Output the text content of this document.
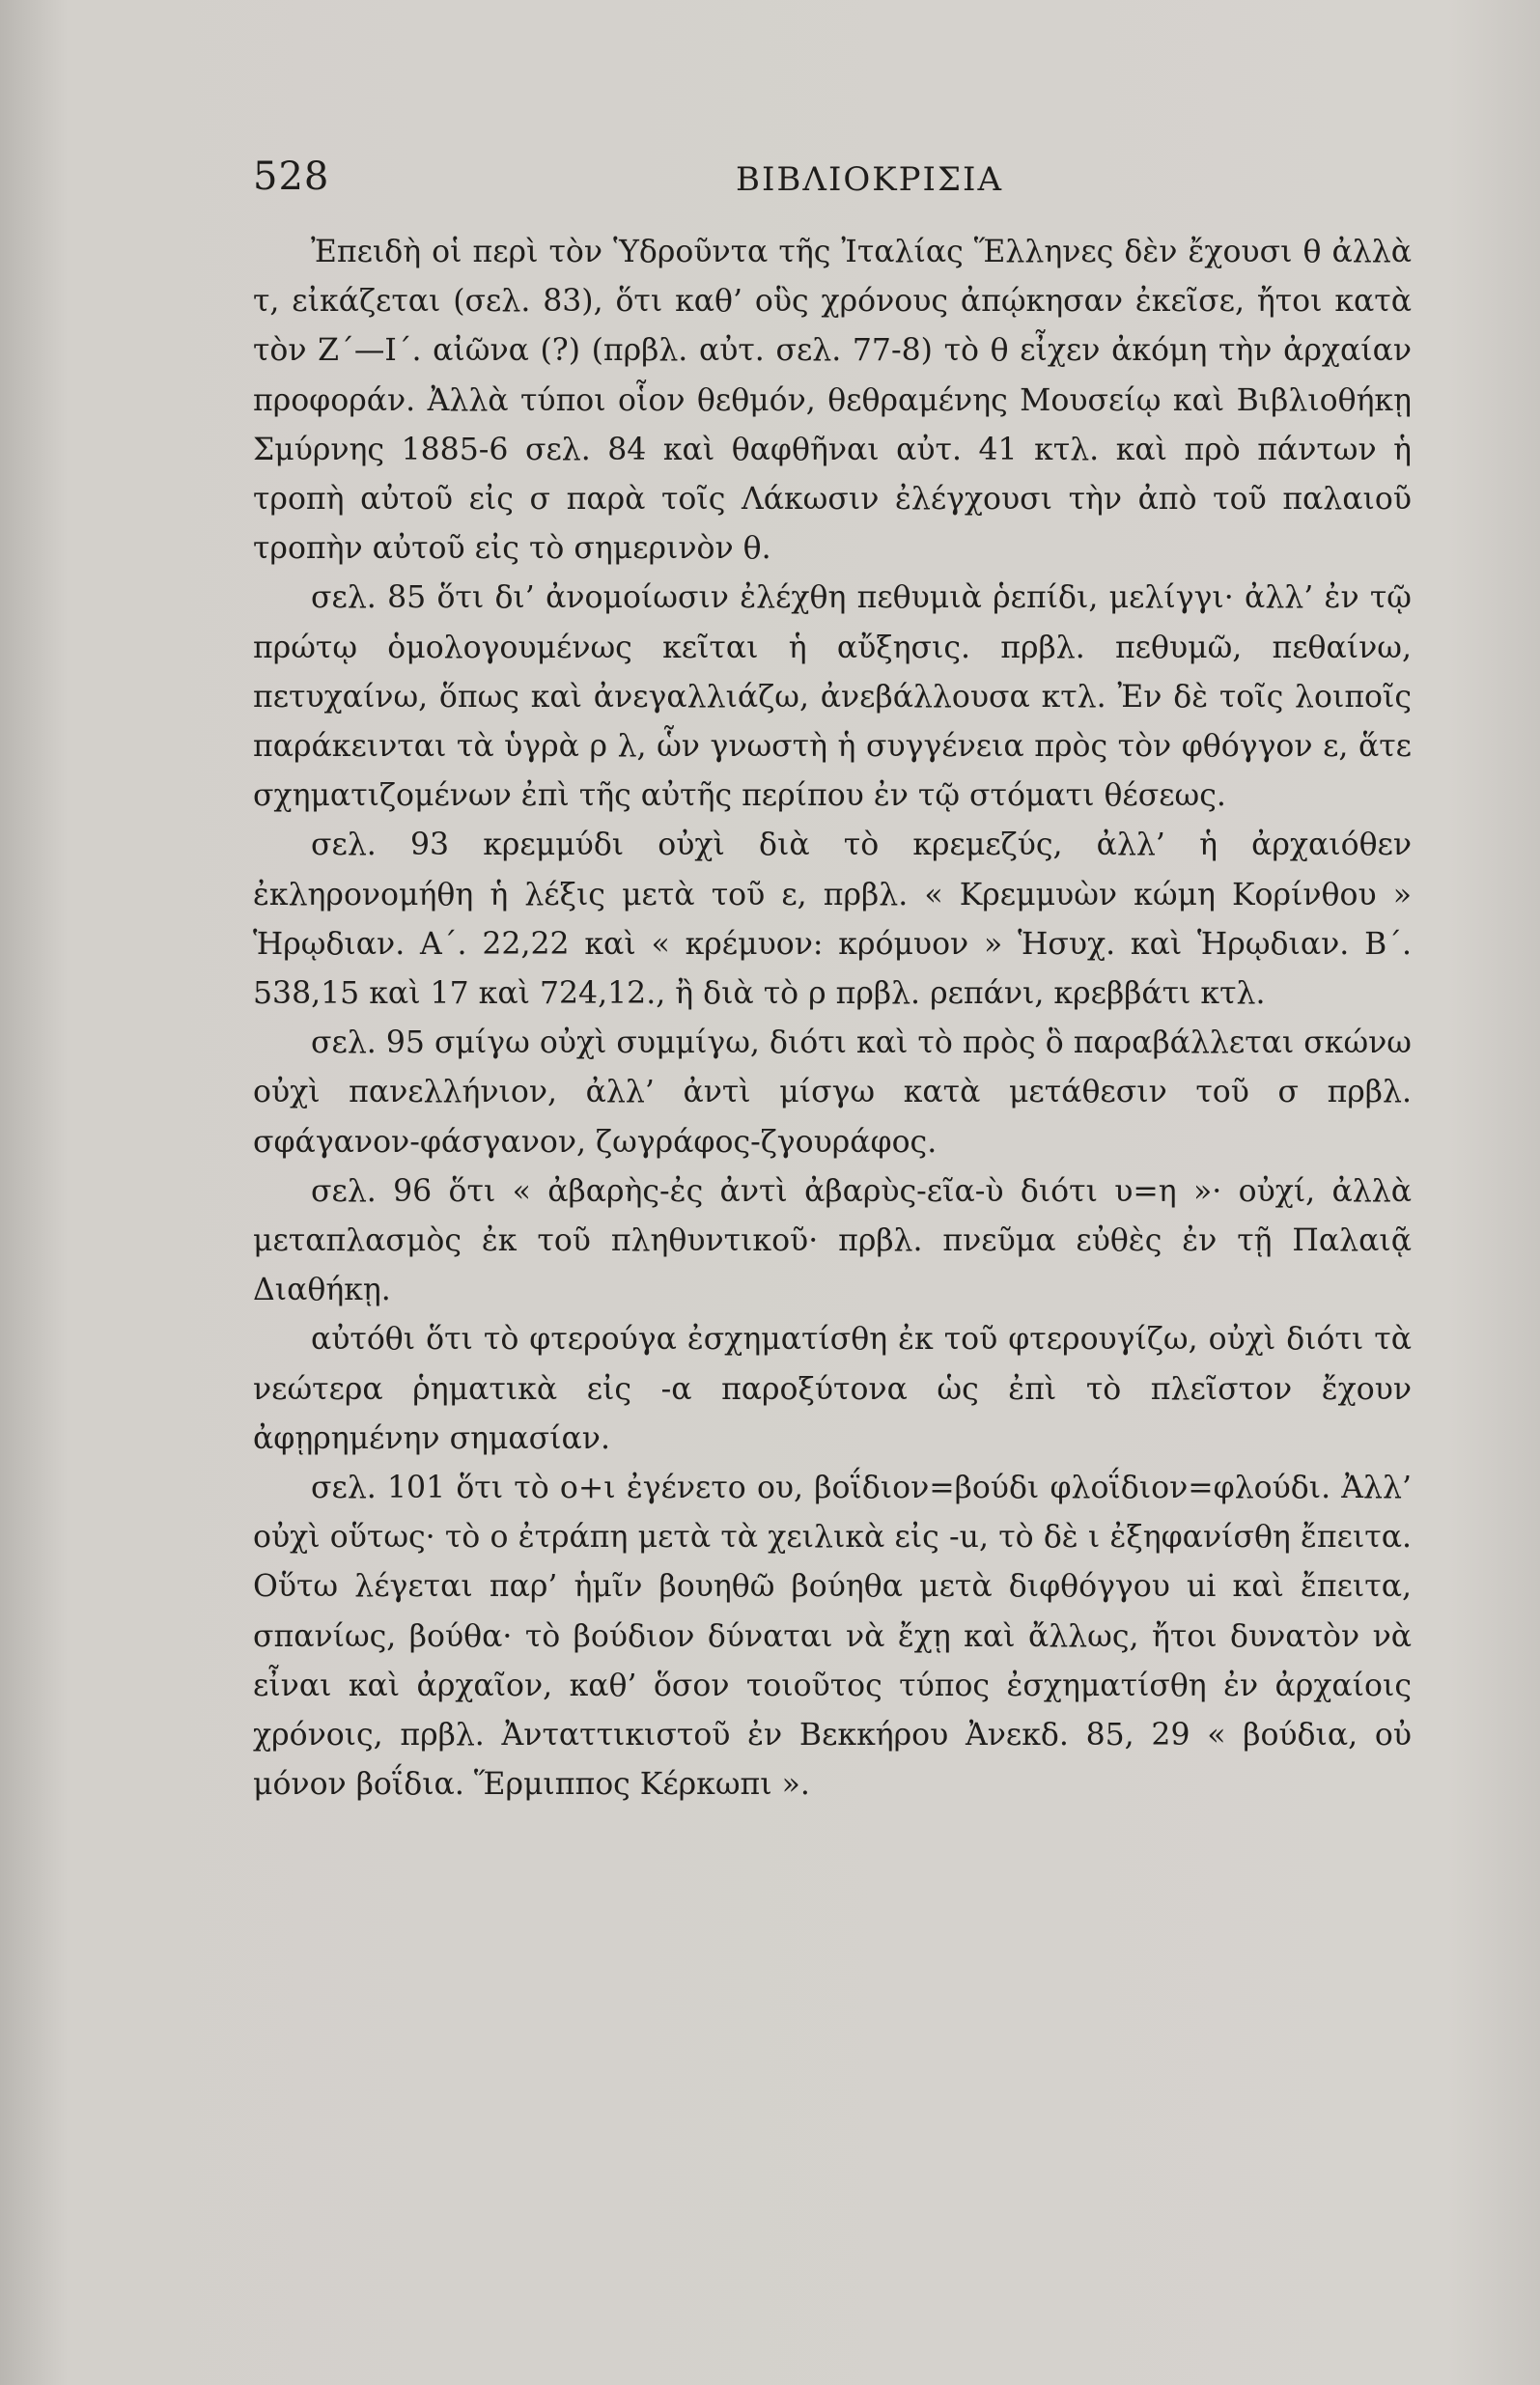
528	ΒΙΒΛΙΟΚΡΙΣΙΑ

Ἐπειδὴ οἱ περὶ τὸν Ὑδροῦντα τῆς Ἰταλίας Ἕλληνες δὲν ἔχουσι θ ἀλλὰ τ, εἰκάζεται (σελ. 83), ὅτι καθ’ οὓς χρόνους ἀπῴκησαν ἐκεῖσε, ἤτοι κατὰ τὸν Ζ΄—Ι΄. αἰῶνα (?) (πρβλ. αὐτ. σελ. 77-8) τὸ θ εἶχεν ἀκόμη τὴν ἀρχαίαν προφοράν. Ἀλλὰ τύποι οἷον θεθμόν, θεθραμένης Μουσείῳ καὶ Βιβλιοθήκῃ Σμύρνης 1885-6 σελ. 84 καὶ θαφθῆναι αὐτ. 41 κτλ. καὶ πρὸ πάντων ἡ τροπὴ αὐτοῦ εἰς σ παρὰ τοῖς Λάκωσιν ἐλέγχουσι τὴν ἀπὸ τοῦ παλαιοῦ τροπὴν αὐτοῦ εἰς τὸ σημερινὸν θ.

σελ. 85 ὅτι δι’ ἀνομοίωσιν ἐλέχθη πεθυμιὰ ῥεπίδι, μελίγγι· ἀλλ’ ἐν τῷ πρώτῳ ὁμολογουμένως κεῖται ἡ αὔξησις. πρβλ. πεθυμῶ, πεθαίνω, πετυχαίνω, ὅπως καὶ ἀνεγαλλιάζω, ἀνεβάλλουσα κτλ. Ἐν δὲ τοῖς λοιποῖς παράκεινται τὰ ὑγρὰ ρ λ, ὧν γνωστὴ ἡ συγγένεια πρὸς τὸν φθόγγον ε, ἅτε σχηματιζομένων ἐπὶ τῆς αὐτῆς περίπου ἐν τῷ στόματι θέσεως.

σελ. 93 κρεμμύδι οὐχὶ διὰ τὸ κρεμεζύς, ἀλλ’ ἡ ἀρχαιόθεν ἐκληρονομήθη ἡ λέξις μετὰ τοῦ ε, πρβλ. « Κρεμμυὼν κώμη Κορίνθου » Ἡρῳδιαν. Α΄. 22,22 καὶ « κρέμυον: κρόμυον » Ἡσυχ. καὶ Ἡρῳδιαν. Β΄. 538,15 καὶ 17 καὶ 724,12., ἢ διὰ τὸ ρ πρβλ. ρεπάνι, κρεββάτι κτλ.

σελ. 95 σμίγω οὐχὶ συμμίγω, διότι καὶ τὸ πρὸς ὃ παραβάλλεται σκώνω οὐχὶ πανελλήνιον, ἀλλ’ ἀντὶ μίσγω κατὰ μετάθεσιν τοῦ σ πρβλ. σφάγανον-φάσγανον, ζωγράφος-ζγουράφος.

σελ. 96 ὅτι « ἀβαρὴς-ἐς ἀντὶ ἀβαρὺς-εῖα-ὺ διότι υ=η »· οὐχί, ἀλλὰ μεταπλασμὸς ἐκ τοῦ πληθυντικοῦ· πρβλ. πνεῦμα εὐθὲς ἐν τῇ Παλαιᾷ Διαθήκῃ.

αὐτόθι ὅτι τὸ φτερούγα ἐσχηματίσθη ἐκ τοῦ φτερουγίζω, οὐχὶ διότι τὰ νεώτερα ῥηματικὰ εἰς -α παροξύτονα ὡς ἐπὶ τὸ πλεῖστον ἔχουν ἀφῃρημένην σημασίαν.

σελ. 101 ὅτι τὸ ο+ι ἐγένετο ου, βοΐδιον=βούδι φλοΐδιον=φλούδι. Ἀλλ’ οὐχὶ οὕτως· τὸ ο ἐτράπη μετὰ τὰ χειλικὰ εἰς -u, τὸ δὲ ι ἐξηφανίσθη ἔπειτα. Οὕτω λέγεται παρ’ ἡμῖν βουηθῶ βούηθα μετὰ διφθόγγου ui καὶ ἔπειτα, σπανίως, βούθα· τὸ βούδιον δύναται νὰ ἔχῃ καὶ ἄλλως, ἤτοι δυνατὸν νὰ εἶναι καὶ ἀρχαῖον, καθ’ ὅσον τοιοῦτος τύπος ἐσχηματίσθη ἐν ἀρχαίοις χρόνοις, πρβλ. Ἀνταττικιστοῦ ἐν Βεκκήρου Ἀνεκδ. 85, 29 « βούδια, οὐ μόνον βοΐδια. Ἕρμιππος Κέρκωπι ».
